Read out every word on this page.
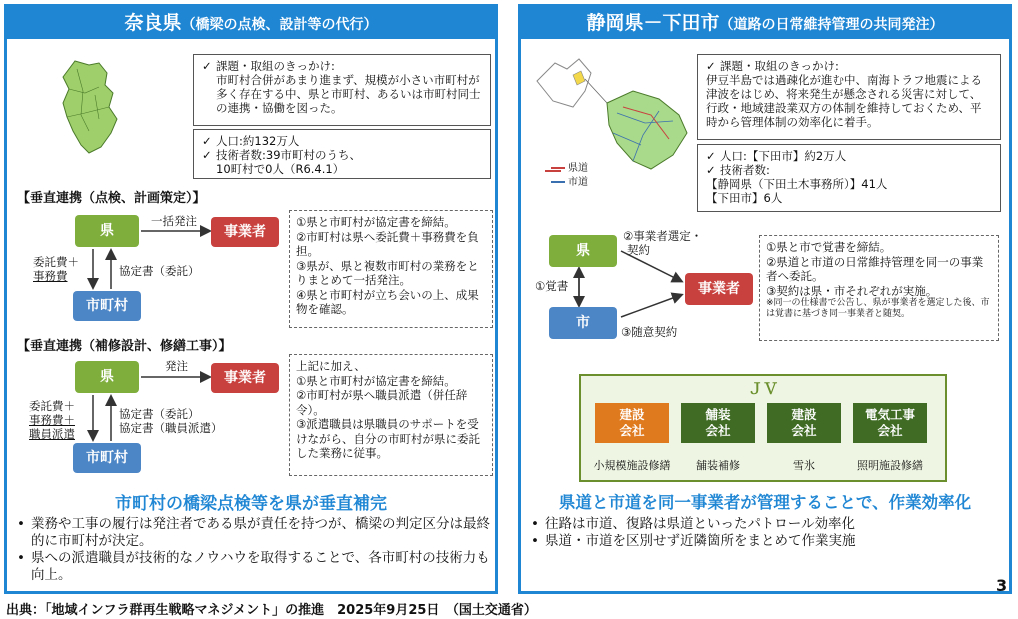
奈良県（橋梁の点検、設計等の代行）
✓ 課題・取組のきっかけ:
市町村合併があまり進まず、規模が小さい市町村が多く存在する中、県と市町村、あるいは市町村同士の連携・協働を図った。
✓ 人口:約132万人
✓ 技術者数:39市町村のうち、
10町村で0人（R6.4.1）
【垂直連携（点検、計画策定）】
県	事業者
市町村
一括発注
委託費＋
事務費	協定書（委託）
①県と市町村が協定書を締結。
②市町村は県へ委託費＋事務費を負担。
③県が、県と複数市町村の業務をとりまとめて一括発注。
④県と市町村が立ち会いの上、成果物を確認。
【垂直連携（補修設計、修繕工事）】
県	事業者
市町村
発注
委託費＋
事務費＋
職員派遣
協定書（委託）
協定書（職員派遣）
上記に加え、
①県と市町村が協定書を締結。
②市町村が県へ職員派遣（併任辞令）。
③派遣職員は県職員のサポートを受けながら、自分の市町村が県に委託した業務に従事。
市町村の橋梁点検等を県が垂直補完
• 業務や工事の履行は発注者である県が責任を持つが、橋梁の判定区分は最終的に市町村が決定。
• 県への派遣職員が技術的なノウハウを取得することで、各市町村の技術力も向上。
静岡県－下田市（道路の日常維持管理の共同発注）
県道
市道
✓ 課題・取組のきっかけ:
伊豆半島では過疎化が進む中、南海トラフ地震による津波をはじめ、将来発生が懸念される災害に対して、行政・地域建設業双方の体制を維持しておくため、平時から管理体制の効率化に着手。
✓ 人口:【下田市】約2万人
✓ 技術者数:
【静岡県（下田土木事務所）】41人
【下田市】6人
県
市
事業者
②事業者選定・
契約
①覚書
③随意契約
①県と市で覚書を締結。
②県道と市道の日常維持管理を同一の事業者へ委託。
③契約は県・市それぞれが実施。
※同一の仕様書で公告し、県が事業者を選定した後、市は覚書に基づき同一事業者と随契。
ＪＶ
建設
会社
小規模施設修繕
舗装
会社
舗装補修
建設
会社
雪氷
電気工事
会社
照明施設修繕
県道と市道を同一事業者が管理することで、作業効率化
• 往路は市道、復路は県道といったパトロール効率化
• 県道・市道を区別せず近隣箇所をまとめて作業実施
3
出典：「地域インフラ群再生戦略マネジメント」の推進　2025年9月25日　（国土交通省）
